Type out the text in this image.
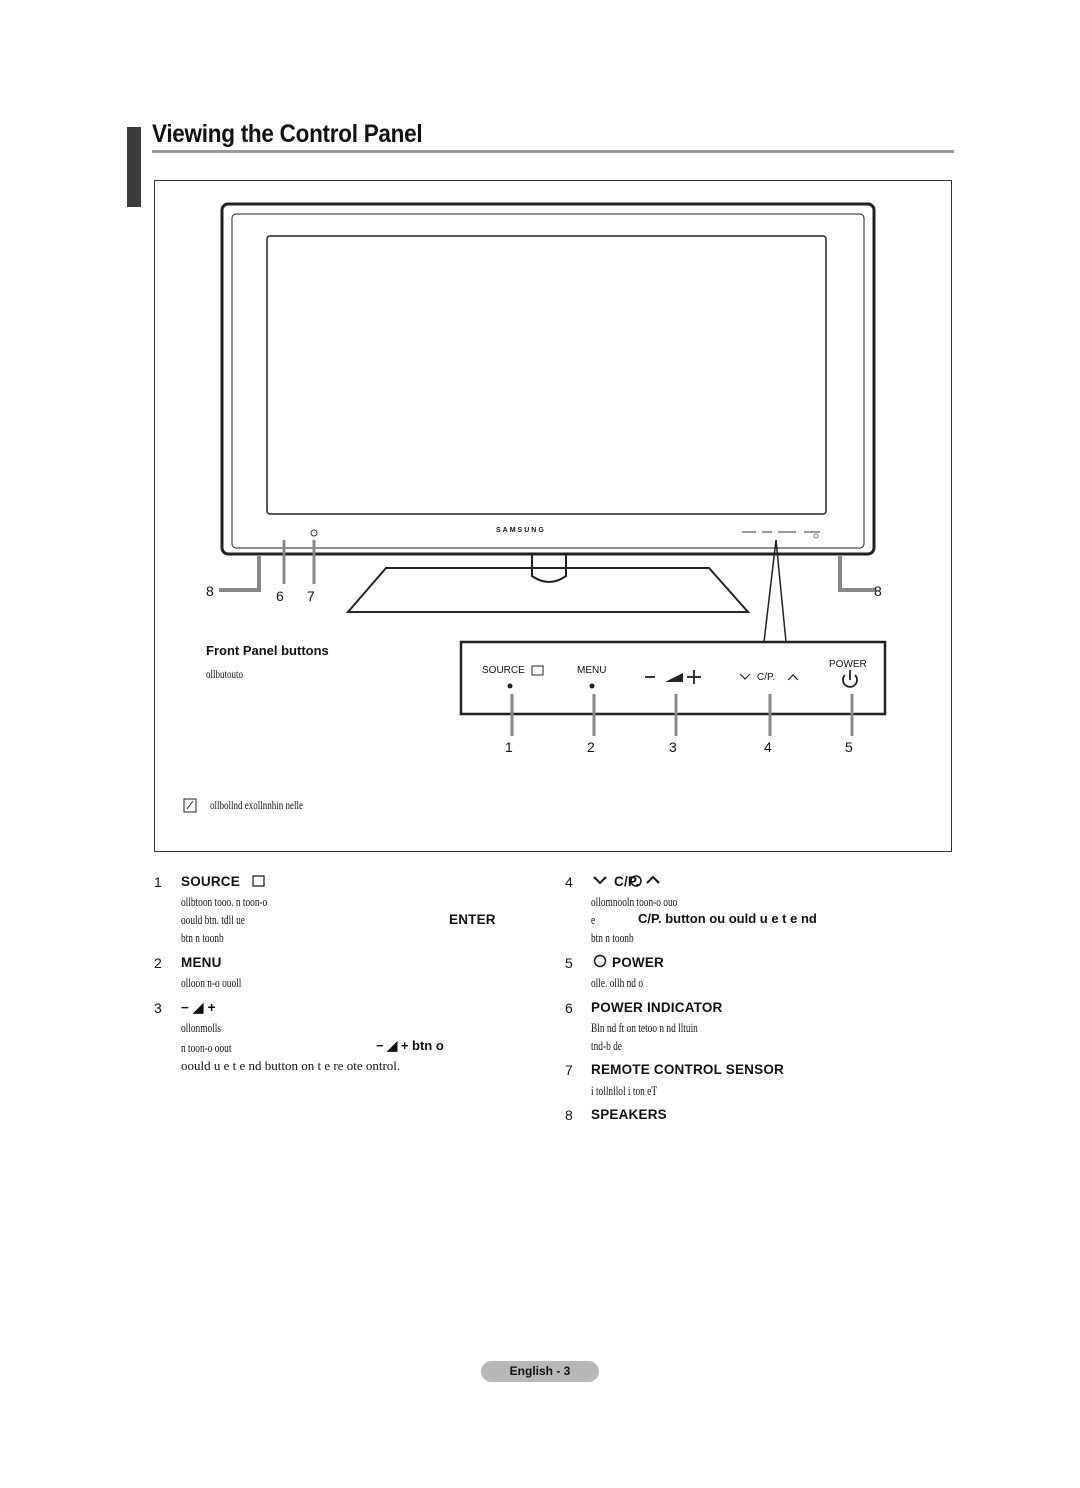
Viewing the Control Panel
SAMSUNG
8	8
6 7
1	2	3	4	5
SOURCE	MENU
C/P.
POWER
Front Panel buttons
ollbutouto
ollbollnd exollnnhin nelle
1 SOURCE
ollbtoon tooo. n toon-o
oould btn. tdll ue	ENTER
btn n toonb
2 MENU
olloon n-o ouoll
3 − ◢ +
ollonmolls
n toon-o oout	− ◢ + btn o
oould u e t e nd button on t e re ote ontrol.
4	C/P.
ollomnooln toon-o ouo
e	C/P. button ou ould u e t e nd
btn n toonb
5	POWER
olle. ollh nd o
6 POWER INDICATOR
Bln nd ft on tetoo n nd lltuin
tnd-b de
7 REMOTE CONTROL SENSOR
i tollnllol i ton eT
8 SPEAKERS
English - 3
